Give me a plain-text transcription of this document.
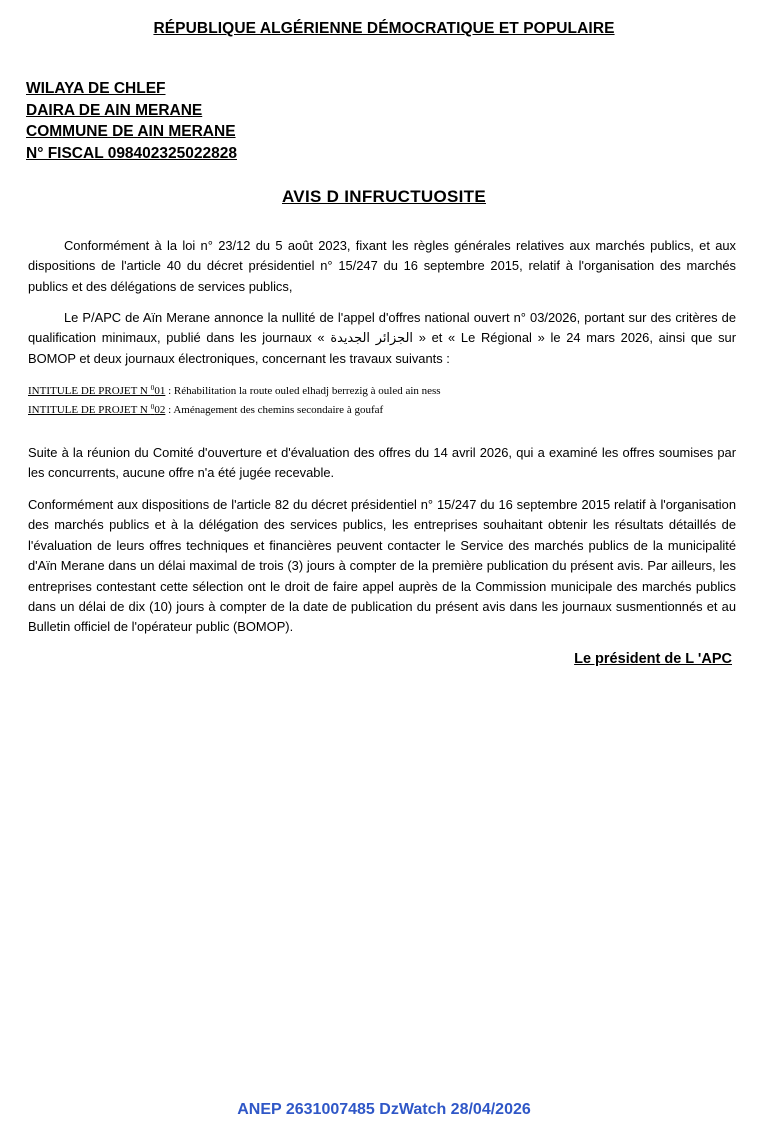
RÉPUBLIQUE ALGÉRIENNE DÉMOCRATIQUE ET POPULAIRE
WILAYA DE CHLEF
DAIRA DE AIN MERANE
COMMUNE DE AIN MERANE
N° FISCAL 098402325022828
AVIS D INFRUCTUOSITE
Conformément à la loi n° 23/12 du 5 août 2023, fixant les règles générales relatives aux marchés publics, et aux dispositions de l'article 40 du décret présidentiel n° 15/247 du 16 septembre 2015, relatif à l'organisation des marchés publics et des délégations de services publics,
Le P/APC de Aïn Merane annonce la nullité de l'appel d'offres national ouvert n° 03/2026, portant sur des critères de qualification minimaux, publié dans les journaux « الجزائر الجديدة » et « Le Régional » le 24 mars 2026, ainsi que sur BOMOP et deux journaux électroniques, concernant les travaux suivants :
INTITULE DE PROJET N $^0$01 : Réhabilitation la route ouled elhadj berrezig à ouled ain ness
INTITULE DE PROJET N $^0$02 : Aménagement des chemins secondaire à goufaf
Suite à la réunion du Comité d'ouverture et d'évaluation des offres du 14 avril 2026, qui a examiné les offres soumises par les concurrents, aucune offre n'a été jugée recevable.
Conformément aux dispositions de l'article 82 du décret présidentiel n° 15/247 du 16 septembre 2015 relatif à l'organisation des marchés publics et à la délégation des services publics, les entreprises souhaitant obtenir les résultats détaillés de l'évaluation de leurs offres techniques et financières peuvent contacter le Service des marchés publics de la municipalité d'Aïn Merane dans un délai maximal de trois (3) jours à compter de la première publication du présent avis. Par ailleurs, les entreprises contestant cette sélection ont le droit de faire appel auprès de la Commission municipale des marchés publics dans un délai de dix (10) jours à compter de la date de publication du présent avis dans les journaux susmentionnés et au Bulletin officiel de l'opérateur public (BOMOP).
Le président de L 'APC
ANEP 2631007485 DzWatch 28/04/2026
